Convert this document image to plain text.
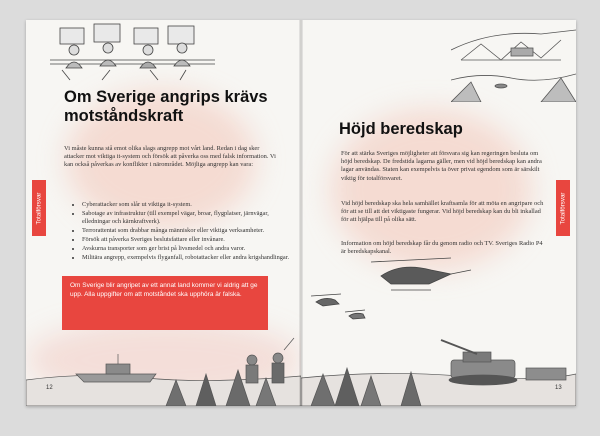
Om Sverige angrips krävs
motståndskraft
Vi måste kunna stå emot olika slags angrepp mot vårt land. Redan i dag sker attacker mot viktiga it-system och försök att påverka oss med falsk information. Vi kan också påverkas av konflikter i närområdet. Möjliga angrepp kan vara:
• Cyberattacker som slår ut viktiga it-system.
• Sabotage av infrastruktur (till exempel vägar, broar, flygplatser, järnvägar, elledningar och kärnkraftverk).
• Terrorattentat som drabbar många människor eller viktiga verksamheter.
• Försök att påverka Sveriges beslutsfattare eller invånare.
• Avskurna transporter som ger brist på livsmedel och andra varor.
• Militära angrepp, exempelvis flyganfall, robotattacker eller andra krigshandlingar.
Om Sverige blir angripet av ett annat land kommer vi aldrig att ge upp. Alla uppgifter om att motståndet ska upphöra är falska.
Totalförsvar
12
Höjd beredskap
För att stärka Sveriges möjligheter att försvara sig kan regeringen besluta om höjd beredskap. De fredstida lagarna gäller, men vid höjd beredskap kan andra lagar användas. Staten kan exempelvis ta över privat egendom som är särskilt viktig för totalförsvaret.
Vid höjd beredskap ska hela samhället kraftsamla för att möta en angripare och för att se till att det viktigaste fungerar. Vid höjd beredskap kan du bli inkallad för att hjälpa till på olika sätt.
Information om höjd beredskap får du genom radio och TV. Sveriges Radio P4 är beredskapskanal.
Totalförsvar
13
